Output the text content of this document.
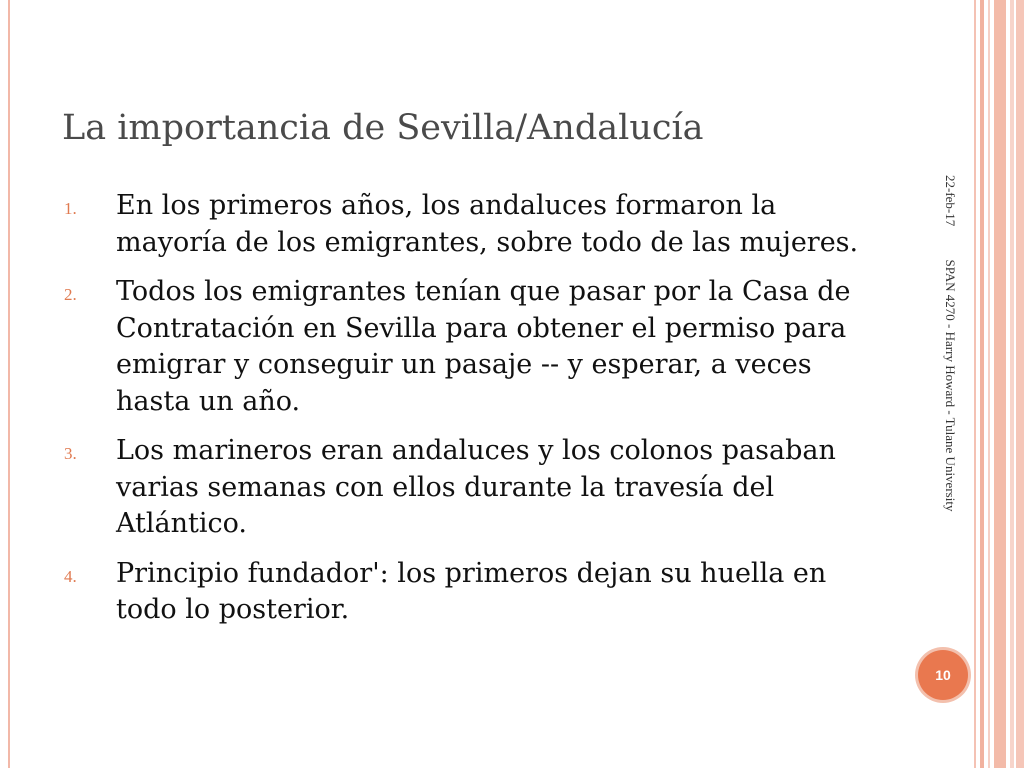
La importancia de Sevilla/Andalucía
1. En los primeros años, los andaluces formaron la mayoría de los emigrantes, sobre todo de las mujeres.
2. Todos los emigrantes tenían que pasar por la Casa de Contratación en Sevilla para obtener el permiso para emigrar y conseguir un pasaje -- y esperar, a veces hasta un año.
3. Los marineros eran andaluces y los colonos pasaban varias semanas con ellos durante la travesía del Atlántico.
4. Principio fundador': los primeros dejan su huella en todo lo posterior.
22-feb-17 SPAN 4270 - Harry Howard - Tulane University
10
